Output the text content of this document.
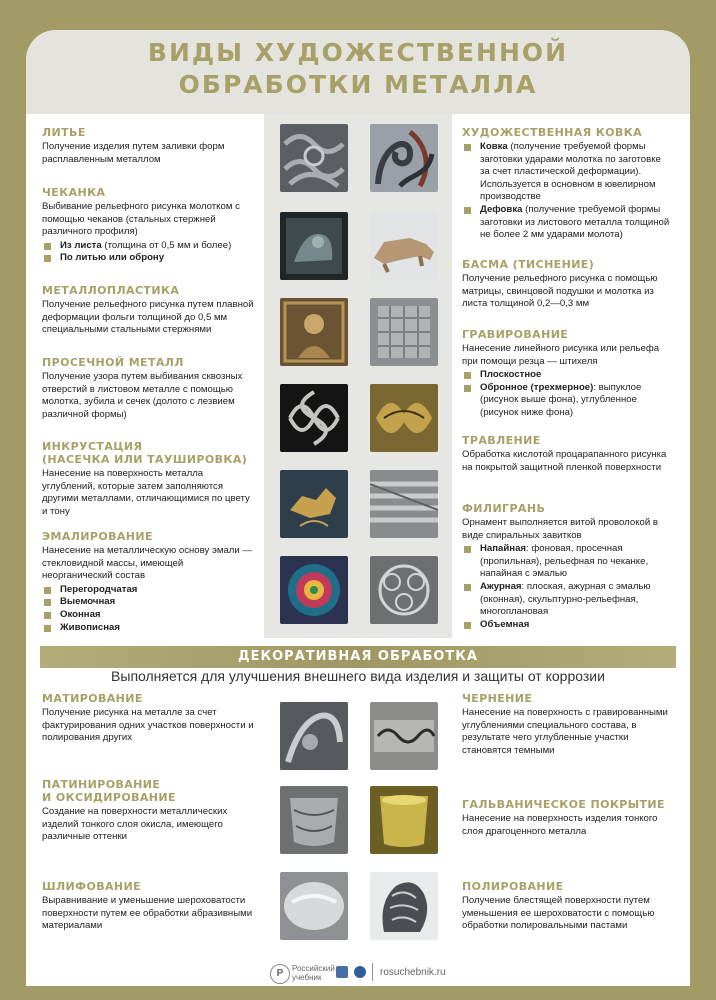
ВИДЫ ХУДОЖЕСТВЕННОЙ
ОБРАБОТКИ МЕТАЛЛА
ЛИТЬЕ

Получение изделия путем заливки форм расплавленным металлом

ЧЕКАНКА

Выбивание рельефного рисунка молотком с помощью чеканов (стальных стержней различного профиля)

Из листа (толщина от 0,5 мм и более)
По литью или оброну
МЕТАЛЛОПЛАСТИКА

Получение рельефного рисунка путем плавной деформации фольги толщиной до 0,5 мм специальными стальными стержнями

ПРОСЕЧНОЙ МЕТАЛЛ

Получение узора путем выбивания сквозных отверстий в листовом металле с помощью молотка, зубила и сечек (долото с лезвием различной формы)

ИНКРУСТАЦИЯ
(НАСЕЧКА ИЛИ ТАУШИРОВКА)

Нанесение на поверхность металла углублений, которые затем заполняются другими металлами, отличающимися по цвету и тону

ЭМАЛИРОВАНИЕ

Нанесение на металлическую основу эмали — стекловидной массы, имеющей неорганический состав

Перегородчатая
Выемочная
Оконная
Живописная
ХУДОЖЕСТВЕННАЯ КОВКА
Ковка (получение требуемой формы заготовки ударами молотка по заготовке за счет пластической деформации). Используется в основном в ювелирном производстве
Дефовка (получение требуемой формы заготовки из листового металла толщиной не более 2 мм ударами молота)
БАСМА (ТИСНЕНИЕ)

Получение рельефного рисунка с помощью матрицы, свинцовой подушки и молотка из листа толщиной 0,2—0,3 мм

ГРАВИРОВАНИЕ

Нанесение линейного рисунка или рельефа при помощи резца — штихеля

Плоскостное
Обронное (трехмерное): выпуклое (рисунок выше фона), углубленное (рисунок ниже фона)
ТРАВЛЕНИЕ

Обработка кислотой процарапанного рисунка на покрытой защитной пленкой поверхности

ФИЛИГРАНЬ

Орнамент выполняется витой проволокой в виде спиральных завитков

Напайная: фоновая, просечная (пропильная), рельефная по чеканке, напайная с эмалью
Ажурная: плоская, ажурная с эмалью (оконная), скульптурно-рельефная, многоплановая
Объемная
ДЕКОРАТИВНАЯ ОБРАБОТКА
Выполняется для улучшения внешнего вида изделия и защиты от коррозии
МАТИРОВАНИЕ

Получение рисунка на металле за счет фактурирования одних участков поверхности и полирования других

ПАТИНИРОВАНИЕ
И ОКСИДИРОВАНИЕ

Создание на поверхности металлических изделий тонкого слоя окисла, имеющего различные оттенки

ШЛИФОВАНИЕ

Выравнивание и уменьшение шероховатости поверхности путем ее обработки абразивными материалами

ЧЕРНЕНИЕ

Нанесение на поверхность с гравированными углублениями специального состава, в результате чего углубленные участки становятся темными

ГАЛЬВАНИЧЕСКОЕ ПОКРЫТИЕ

Нанесение на поверхность изделия тонкого слоя драгоценного металла

ПОЛИРОВАНИЕ

Получение блестящей поверхности путем уменьшения ее шероховатости с помощью обработки полировальными пастами

Р	Российский
учебник	rosuchebnik.ru
